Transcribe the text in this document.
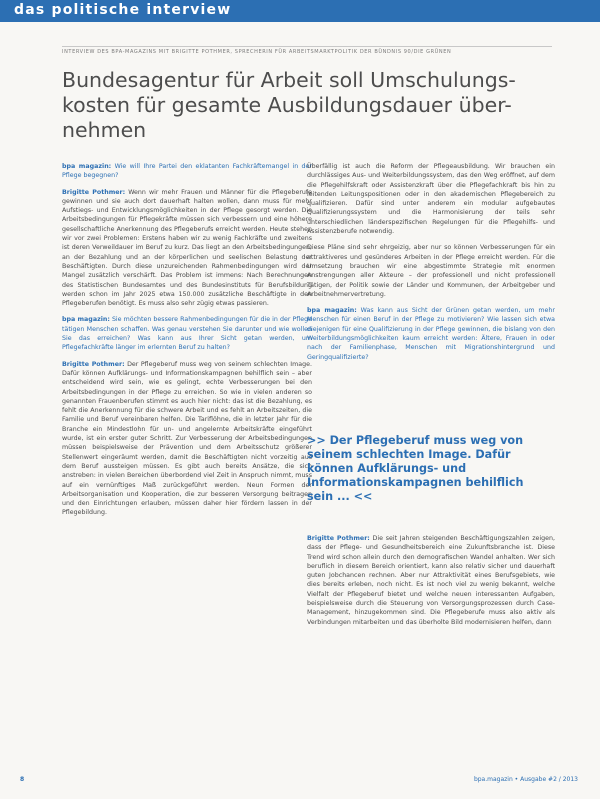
das politische interview
INTERVIEW DES BPA-MAGAZINS MIT BRIGITTE POTHMER, SPRECHERIN FÜR ARBEITSMARKTPOLITIK DER BÜNDNIS 90/DIE GRÜNEN
Bundesagentur für Arbeit soll Umschulungs-kosten für gesamte Ausbildungsdauer über-nehmen

bpa magazin: Wie will Ihre Partei den eklatanten Fachkräftemangel in der Pflege begegnen?

Brigitte Pothmer: Wenn wir mehr Frauen und Männer für die Pflegeberufe gewinnen und sie auch dort dauerhaft halten wollen, dann muss für mehr Aufstiegs- und Entwicklungsmöglichkeiten in der Pflege gesorgt werden. Die Arbeitsbedingungen für Pflegekräfte müssen sich verbessern und eine höhere gesellschaftliche Anerkennung des Pflegeberufs erreicht werden. Heute stehen wir vor zwei Problemen: Erstens haben wir zu wenig Fachkräfte und zweitens ist deren Verweildauer im Beruf zu kurz. Das liegt an den Arbeitsbedingungen, an der Bezahlung und an der körperlichen und seelischen Belastung der Beschäftigten. Durch diese unzureichenden Rahmenbedingungen wird der Mangel zusätzlich verschärft. Das Problem ist immens: Nach Berechnungen des Statistischen Bundesamtes und des Bundesinstituts für Berufsbildung werden schon im Jahr 2025 etwa 150.000 zusätzliche Beschäftigte in den Pflegeberufen benötigt. Es muss also sehr zügig etwas passieren.

bpa magazin: Sie möchten bessere Rahmenbedingungen für die in der Pflege tätigen Menschen schaffen. Was genau verstehen Sie darunter und wie wollen Sie das erreichen? Was kann aus Ihrer Sicht getan werden, um Pflegefachkräfte länger im erlernten Beruf zu halten?

Brigitte Pothmer: Der Pflegeberuf muss weg von seinem schlechten Image. Dafür können Aufklärungs- und Informationskampagnen behilflich sein – aber entscheidend wird sein, wie es gelingt, echte Verbesserungen bei den Arbeitsbedingungen in der Pflege zu erreichen. So wie in vielen anderen so genannten Frauenberufen stimmt es auch hier nicht: das ist die Bezahlung, es fehlt die Anerkennung für die schwere Arbeit und es fehlt an Arbeitszeiten, die Familie und Beruf vereinbaren helfen. Die Tariflöhne, die in letzter Jahr für die Branche ein Mindestlohn für un- und angelernte Arbeitskräfte eingeführt wurde, ist ein erster guter Schritt. Zur Verbesserung der Arbeitsbedingungen müssen beispielsweise der Prävention und dem Arbeitsschutz größerer Stellenwert eingeräumt werden, damit die Beschäftigten nicht vorzeitig aus dem Beruf aussteigen müssen. Es gibt auch bereits Ansätze, die sich anstreben: in vielen Bereichen überbordend viel Zeit in Anspruch nimmt, muss auf ein vernünftiges Maß zurückgeführt werden. Neun Formen der Arbeitsorganisation und Kooperation, die zur besseren Versorgung beitragen und den Einrichtungen erlauben, müssen daher hier fördern lassen in der Pflegebildung.

Überfällig ist auch die Reform der Pflegeausbildung. Wir brauchen ein durchlässiges Aus- und Weiterbildungssystem, das den Weg eröffnet, auf dem die Pflegehilfskraft oder Assistenzkraft über die Pflegefachkraft bis hin zu leitenden Leitungspositionen oder in den akademischen Pflegebereich zu qualifizieren. Dafür sind unter anderem ein modular aufgebautes Qualifizierungssystem und die Harmonisierung der teils sehr unterschiedlichen länderspezifischen Regelungen für die Pflegehilfs- und Assistenzberufe notwendig.

Diese Pläne sind sehr ehrgeizig, aber nur so können Verbesserungen für ein attraktiveres und gesünderes Arbeiten in der Pflege erreicht werden. Für die Umsetzung brauchen wir eine abgestimmte Strategie mit enormen Anstrengungen aller Akteure – der professionell und nicht professionell Tätigen, der Politik sowie der Länder und Kommunen, der Arbeitgeber und Arbeitnehmervertretung.

bpa magazin: Was kann aus Sicht der Grünen getan werden, um mehr Menschen für einen Beruf in der Pflege zu motivieren? Wie lassen sich etwa diejenigen für eine Qualifizierung in der Pflege gewinnen, die bislang von den Weiterbildungsmöglichkeiten kaum erreicht werden: Ältere, Frauen in oder nach der Familienphase, Menschen mit Migrationshintergrund und Geringqualifizierte?

>> Der Pflegeberuf muss weg von seinem schlechten Image. Dafür können Aufklärungs- und Informationskampagnen behilflich sein ... <<

Brigitte Pothmer: Die seit Jahren steigenden Beschäftigungszahlen zeigen, dass der Pflege- und Gesundheitsbereich eine Zukunftsbranche ist. Diese Trend wird schon allein durch den demografischen Wandel anhalten. Wer sich beruflich in diesem Bereich orientiert, kann also relativ sicher und dauerhaft guten Jobchancen rechnen. Aber nur Attraktivität eines Berufsgebiets, wie dies bereits erleben, noch nicht. Es ist noch viel zu wenig bekannt, welche Vielfalt der Pflegeberuf bietet und welche neuen interessanten Aufgaben, beispielsweise durch die Steuerung von Versorgungsprozessen durch Case-Management, hinzugekommen sind. Die Pflegeberufe muss also aktiv als Verbindungen mitarbeiten und das überholte Bild modernisieren helfen, dann

8	bpa.magazin • Ausgabe #2 / 2013
